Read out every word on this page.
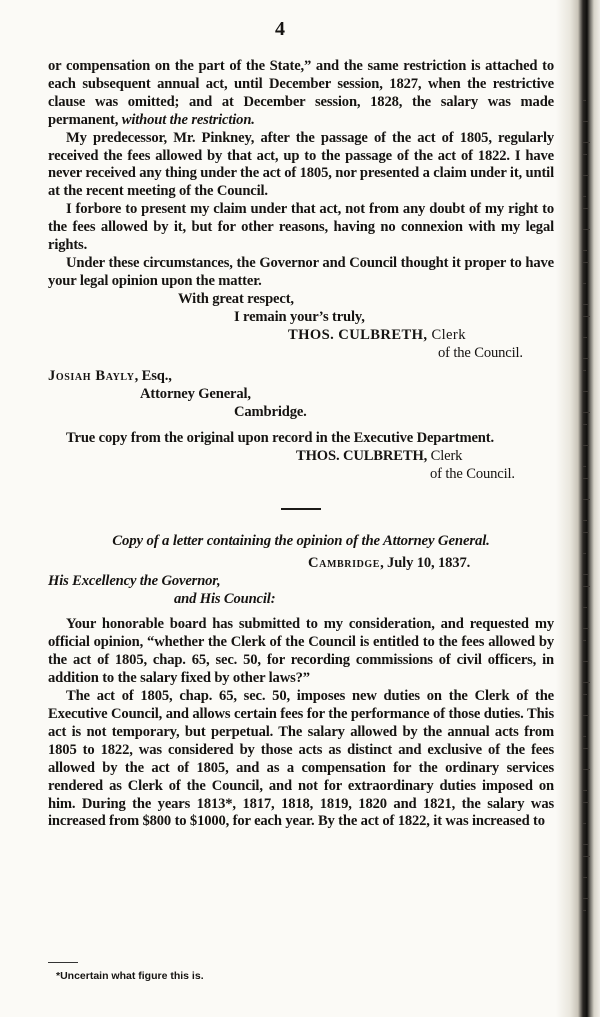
4

or compensation on the part of the State,” and the same restriction is attached to each subsequent annual act, until December session, 1827, when the restrictive clause was omitted; and at December session, 1828, the salary was made permanent, without the restriction.

My predecessor, Mr. Pinkney, after the passage of the act of 1805, regularly received the fees allowed by that act, up to the passage of the act of 1822. I have never received any thing under the act of 1805, nor presented a claim under it, until at the recent meeting of the Council.

I forbore to present my claim under that act, not from any doubt of my right to the fees allowed by it, but for other reasons, having no connexion with my legal rights.

Under these circumstances, the Governor and Council thought it proper to have your legal opinion upon the matter.

With great respect,

I remain your’s truly,

THOS. CULBRETH, Clerk

of the Council.

Josiah Bayly, Esq.,

Attorney General,

Cambridge.

True copy from the original upon record in the Executive Department.

THOS. CULBRETH, Clerk

of the Council.

Copy of a letter containing the opinion of the Attorney General.

Cambridge, July 10, 1837.

His Excellency the Governor,

and His Council:

Your honorable board has submitted to my consideration, and requested my official opinion, “whether the Clerk of the Council is entitled to the fees allowed by the act of 1805, chap. 65, sec. 50, for recording commissions of civil officers, in addition to the salary fixed by other laws?”

The act of 1805, chap. 65, sec. 50, imposes new duties on the Clerk of the Executive Council, and allows certain fees for the performance of those duties. This act is not temporary, but perpetual. The salary allowed by the annual acts from 1805 to 1822, was considered by those acts as distinct and exclusive of the fees allowed by the act of 1805, and as a compensation for the ordinary services rendered as Clerk of the Council, and not for extraordinary duties imposed on him. During the years 1813*, 1817, 1818, 1819, 1820 and 1821, the salary was increased from $800 to $1000, for each year. By the act of 1822, it was increased to

*Uncertain what figure this is.
